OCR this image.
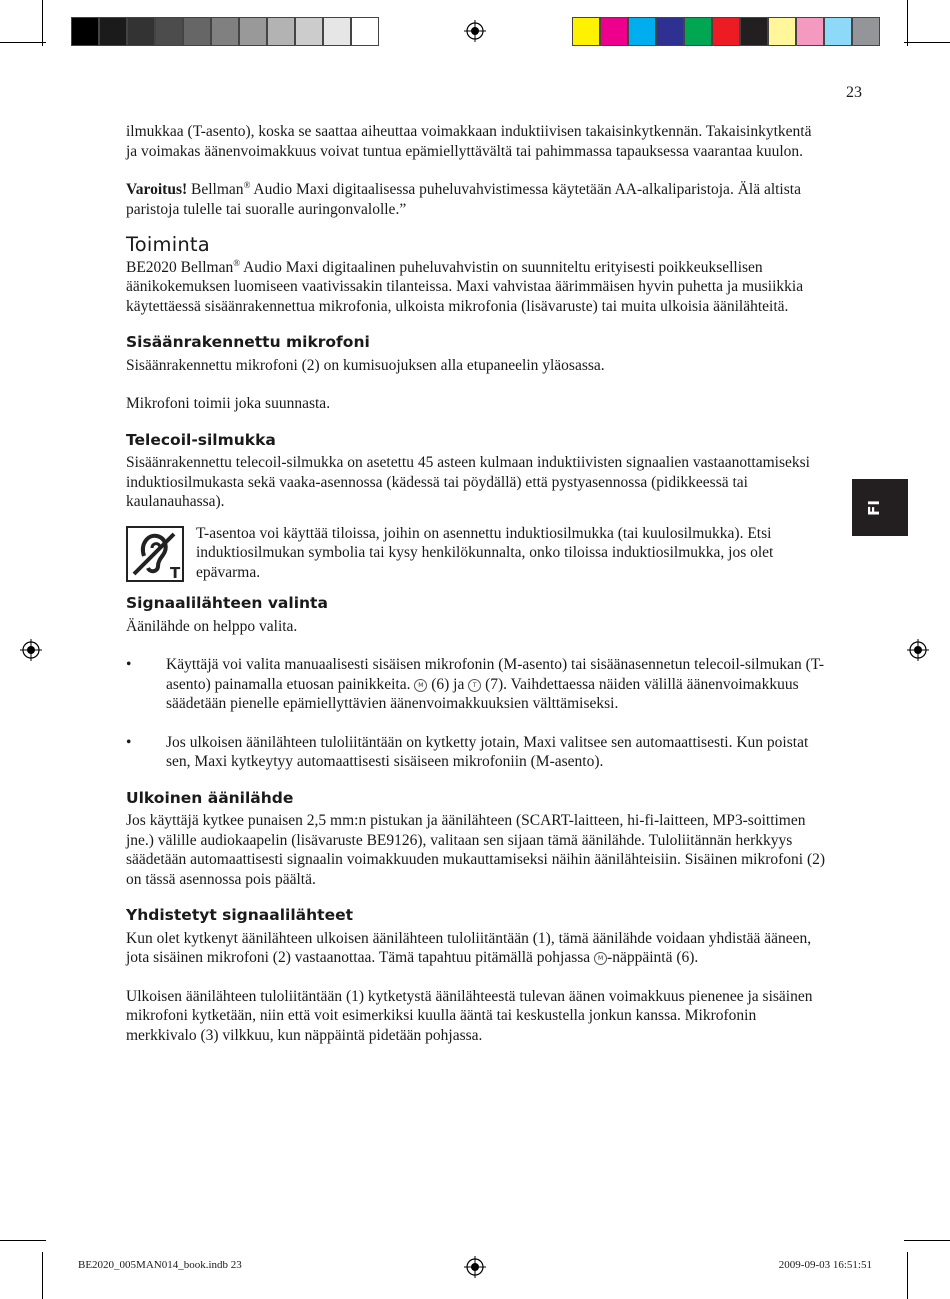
23
FI

ilmukkaa (T-asento), koska se saattaa aiheuttaa voimakkaan induktiivisen takaisinkytkennän. Takaisinkytkentä ja voimakas äänenvoimakkuus voivat tuntua epämiellyttävältä tai pahimmassa tapauksessa vaarantaa kuulon.

Varoitus! Bellman® Audio Maxi digitaalisessa puheluvahvistimessa käytetään AA-alkaliparistoja. Älä altista paristoja tulelle tai suoralle auringonvalolle.”

Toiminta

BE2020 Bellman® Audio Maxi digitaalinen puheluvahvistin on suunniteltu erityisesti poikkeuksellisen äänikokemuksen luomiseen vaativissakin tilanteissa. Maxi vahvistaa äärimmäisen hyvin puhetta ja musiikkia käytettäessä sisäänrakennettua mikrofonia, ulkoista mikrofonia (lisävaruste) tai muita ulkoisia äänilähteitä.

Sisäänrakennettu mikrofoni

Sisäänrakennettu mikrofoni (2) on kumisuojuksen alla etupaneelin yläosassa.

Mikrofoni toimii joka suunnasta.

Telecoil-silmukka

Sisäänrakennettu telecoil-silmukka on asetettu 45 asteen kulmaan induktiivisten signaalien vastaanottamiseksi induktiosilmukasta sekä vaaka-asennossa (kädessä tai pöydällä) että pystyasennossa (pidikkeessä tai kaulanauhassa).

T

T-asentoa voi käyttää tiloissa, joihin on asennettu induktiosilmukka (tai kuulosilmukka). Etsi induktiosilmukan symbolia tai kysy henkilökunnalta, onko tiloissa induktiosilmukka, jos olet epävarma.

Signaalilähteen valinta

Äänilähde on helppo valita.

• Käyttäjä voi valita manuaalisesti sisäisen mikrofonin (M-asento) tai sisäänasennetun telecoil-silmukan (T-asento) painamalla etuosan painikkeita. M (6) ja T (7). Vaihdettaessa näiden välillä äänenvoimakkuus säädetään pienelle epämiellyttävien äänenvoimakkuuksien välttämiseksi.

• Jos ulkoisen äänilähteen tuloliitäntään on kytketty jotain, Maxi valitsee sen automaattisesti. Kun poistat sen, Maxi kytkeytyy automaattisesti sisäiseen mikrofoniin (M-asento).

Ulkoinen äänilähde

Jos käyttäjä kytkee punaisen 2,5 mm:n pistukan ja äänilähteen (SCART-laitteen, hi-fi-laitteen, MP3-soittimen jne.) välille audiokaapelin (lisävaruste BE9126), valitaan sen sijaan tämä äänilähde. Tuloliitännän herkkyys säädetään automaattisesti signaalin voimakkuuden mukauttamiseksi näihin äänilähteisiin. Sisäinen mikrofoni (2) on tässä asennossa pois päältä.

Yhdistetyt signaalilähteet

Kun olet kytkenyt äänilähteen ulkoisen äänilähteen tuloliitäntään (1), tämä äänilähde voidaan yhdistää ääneen, jota sisäinen mikrofoni (2) vastaanottaa. Tämä tapahtuu pitämällä pohjassa M -näppäintä (6).

Ulkoisen äänilähteen tuloliitäntään (1) kytketystä äänilähteestä tulevan äänen voimakkuus pienenee ja sisäinen mikrofoni kytketään, niin että voit esimerkiksi kuulla ääntä tai keskustella jonkun kanssa. Mikrofonin merkkivalo (3) vilkkuu, kun näppäintä pidetään pohjassa.

BE2020_005MAN014_book.indb 23	2009-09-03 16:51:51
